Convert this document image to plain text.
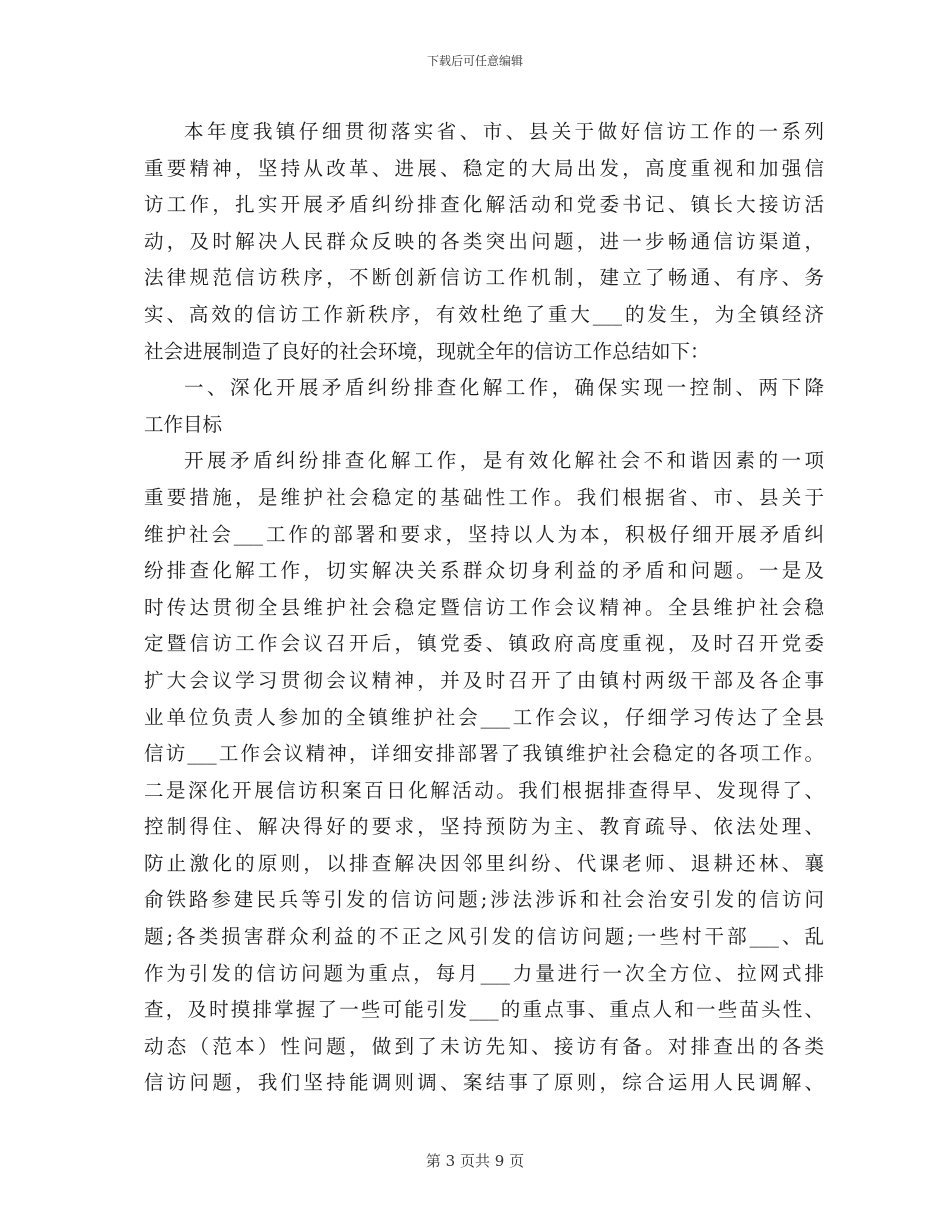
下载后可任意编辑
本年度我镇仔细贯彻落实省、市、县关于做好信访工作的一系列
重要精神，坚持从改革、进展、稳定的大局出发，高度重视和加强信
访工作，扎实开展矛盾纠纷排查化解活动和党委书记、镇长大接访活
动，及时解决人民群众反映的各类突出问题，进一步畅通信访渠道，
法律规范信访秩序，不断创新信访工作机制，建立了畅通、有序、务
实、高效的信访工作新秩序，有效杜绝了重大___的发生，为全镇经济
社会进展制造了良好的社会环境，现就全年的信访工作总结如下：
一、深化开展矛盾纠纷排查化解工作，确保实现一控制、两下降
工作目标
开展矛盾纠纷排查化解工作，是有效化解社会不和谐因素的一项
重要措施，是维护社会稳定的基础性工作。我们根据省、市、县关于
维护社会___工作的部署和要求，坚持以人为本，积极仔细开展矛盾纠
纷排查化解工作，切实解决关系群众切身利益的矛盾和问题。一是及
时传达贯彻全县维护社会稳定暨信访工作会议精神。全县维护社会稳
定暨信访工作会议召开后，镇党委、镇政府高度重视，及时召开党委
扩大会议学习贯彻会议精神，并及时召开了由镇村两级干部及各企事
业单位负责人参加的全镇维护社会___工作会议，仔细学习传达了全县
信访___工作会议精神，详细安排部署了我镇维护社会稳定的各项工作。
二是深化开展信访积案百日化解活动。我们根据排查得早、发现得了、
控制得住、解决得好的要求，坚持预防为主、教育疏导、依法处理、
防止激化的原则，以排查解决因邻里纠纷、代课老师、退耕还林、襄
俞铁路参建民兵等引发的信访问题;涉法涉诉和社会治安引发的信访问
题;各类损害群众利益的不正之风引发的信访问题;一些村干部___、乱
作为引发的信访问题为重点，每月___力量进行一次全方位、拉网式排
查，及时摸排掌握了一些可能引发___的重点事、重点人和一些苗头性、
动态（范本）性问题，做到了未访先知、接访有备。对排查出的各类
信访问题，我们坚持能调则调、案结事了原则，综合运用人民调解、
第 3 页共 9 页
